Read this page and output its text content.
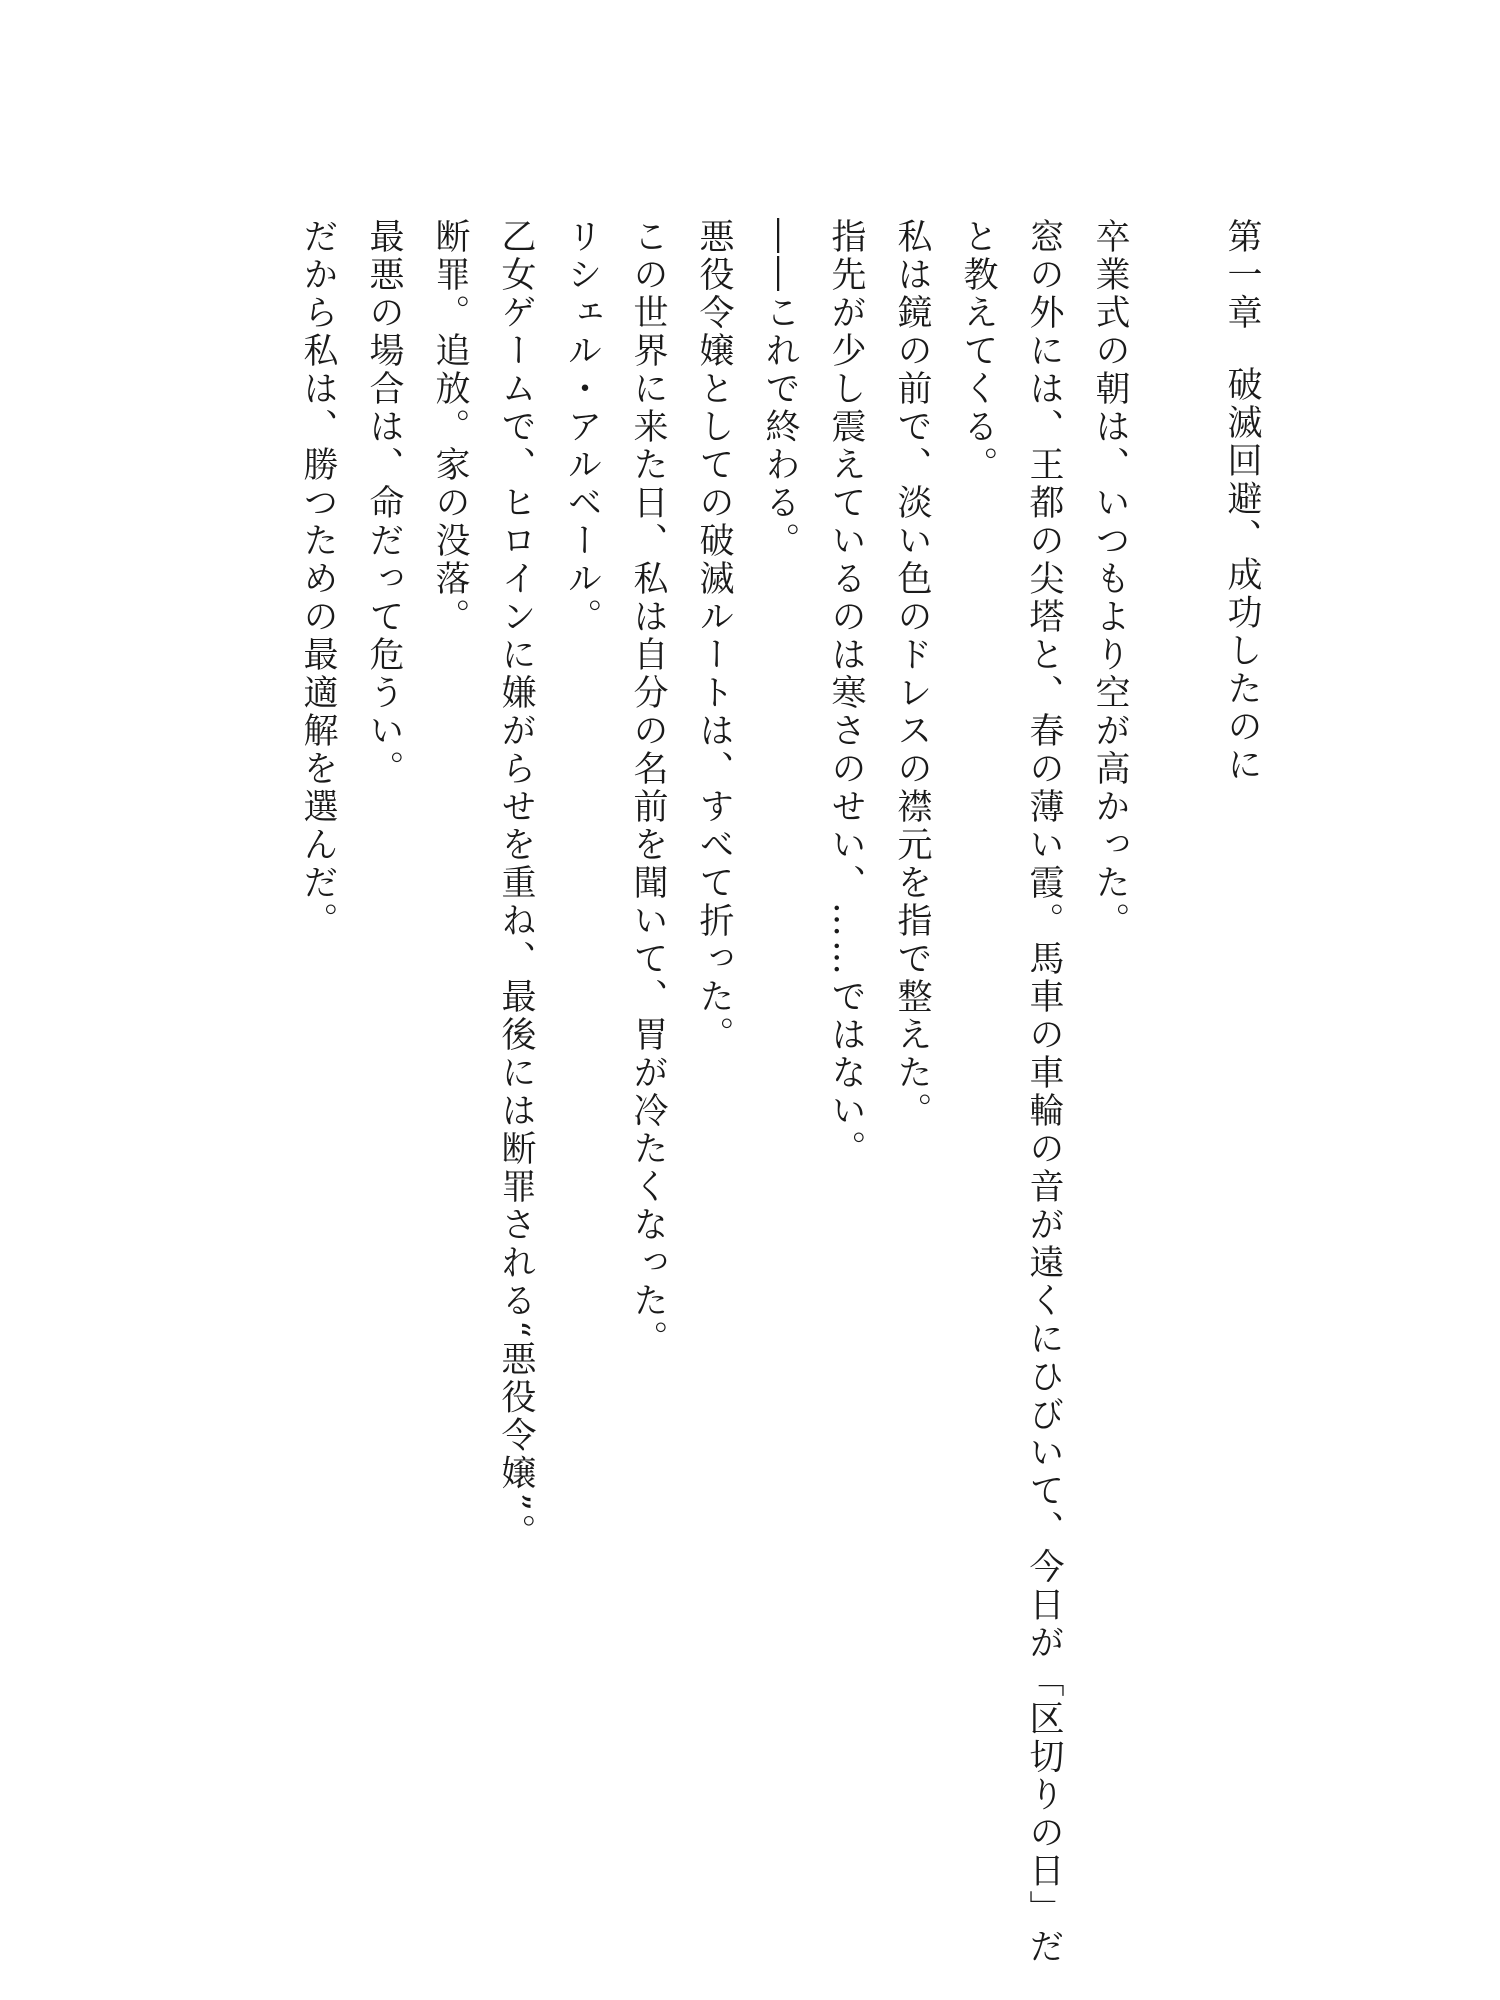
第一章破滅回避、成功したのに

卒業式の朝は、いつもより空が高かった。

窓の外には、王都の尖塔と、春の薄い霞。馬車の車輪の音が遠くにひびいて、今日が「区切りの日」だ

と教えてくる。

私は鏡の前で、淡い色のドレスの襟元を指で整えた。

指先が少し震えているのは寒さのせい、……ではない。

――これで終わる。

悪役令嬢としての破滅ルートは、すべて折った。

この世界に来た日、私は自分の名前を聞いて、胃が冷たくなった。

リシェル・アルベール。

乙女ゲームで、ヒロインに嫌がらせを重ね、最後には断罪される“悪役令嬢”。

断罪。追放。家の没落。

最悪の場合は、命だって危うい。

だから私は、勝つための最適解を選んだ。
